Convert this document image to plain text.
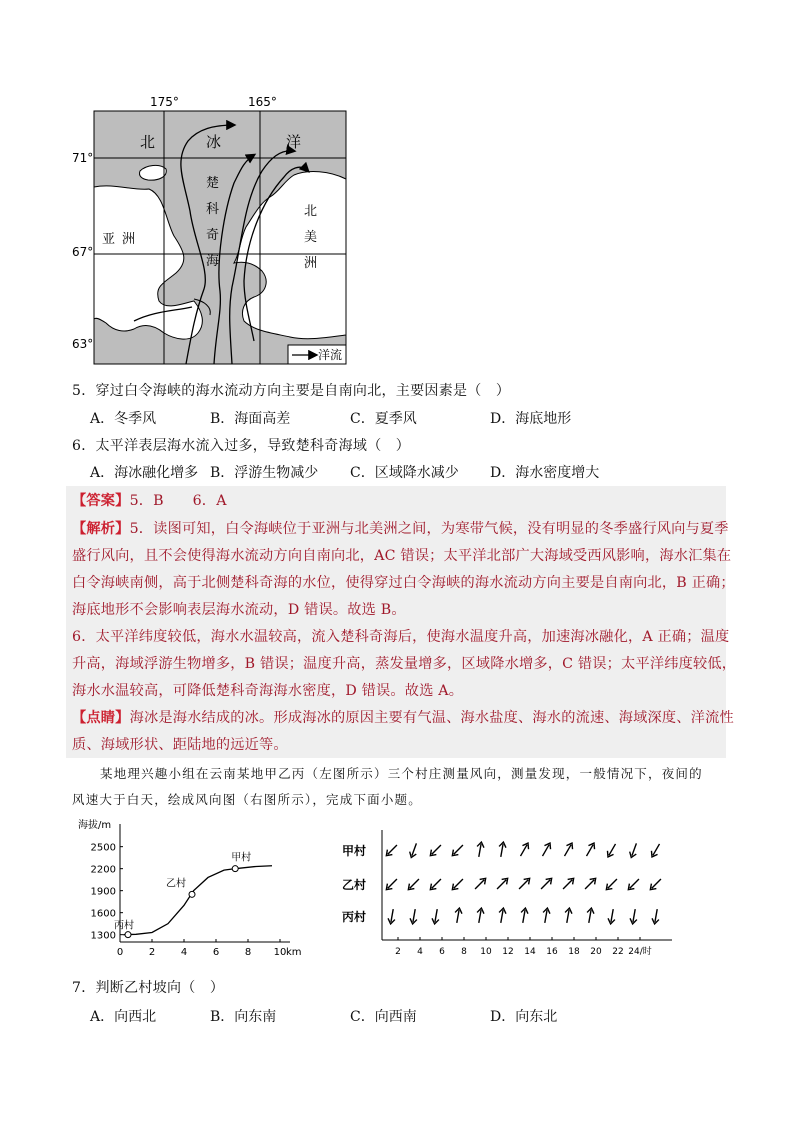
175°	165°
71°
67°
63°
北	冰	洋
亚 洲
楚
科
奇
海
北
美
洲
洋流
5．穿过白令海峡的海水流动方向主要是自南向北，主要因素是（　）
A．冬季风	B．海面高差	C．夏季风	D．海底地形
6．太平洋表层海水流入过多，导致楚科奇海域（　）
A．海冰融化增多 B．浮游生物减少 C．区域降水减少 D．海水密度增大
【答案】5．B　　6．A
【解析】5．读图可知，白令海峡位于亚洲与北美洲之间，为寒带气候，没有明显的冬季盛行风向与夏季
盛行风向，且不会使得海水流动方向自南向北，AC 错误；太平洋北部广大海域受西风影响，海水汇集在
白令海峡南侧，高于北侧楚科奇海的水位，使得穿过白令海峡的海水流动方向主要是自南向北，B 正确；
海底地形不会影响表层海水流动，D 错误。故选 B。
6．太平洋纬度较低，海水水温较高，流入楚科奇海后，使海水温度升高，加速海冰融化，A 正确；温度
升高，海域浮游生物增多，B 错误；温度升高，蒸发量增多，区域降水增多，C 错误；太平洋纬度较低，
海水水温较高，可降低楚科奇海海水密度，D 错误。故选 A。
【点睛】海冰是海水结成的冰。形成海冰的原因主要有气温、海水盐度、海水的流速、海域深度、洋流性
质、海域形状、距陆地的远近等。
某地理兴趣小组在云南某地甲乙丙（左图所示）三个村庄测量风向，测量发现，一般情况下，夜间的
风速大于白天，绘成风向图（右图所示），完成下面小题。
海拔/m
1300
1600
1900
2200
2500
0	2	4	6	8 10 km
丙村
乙村
甲村
甲村
乙村
丙村
2 4 6 8 10 12 14 16 18 20 22 24/时
7．判断乙村坡向（　）
A．向西北	B．向东南	C．向西南	D．向东北
